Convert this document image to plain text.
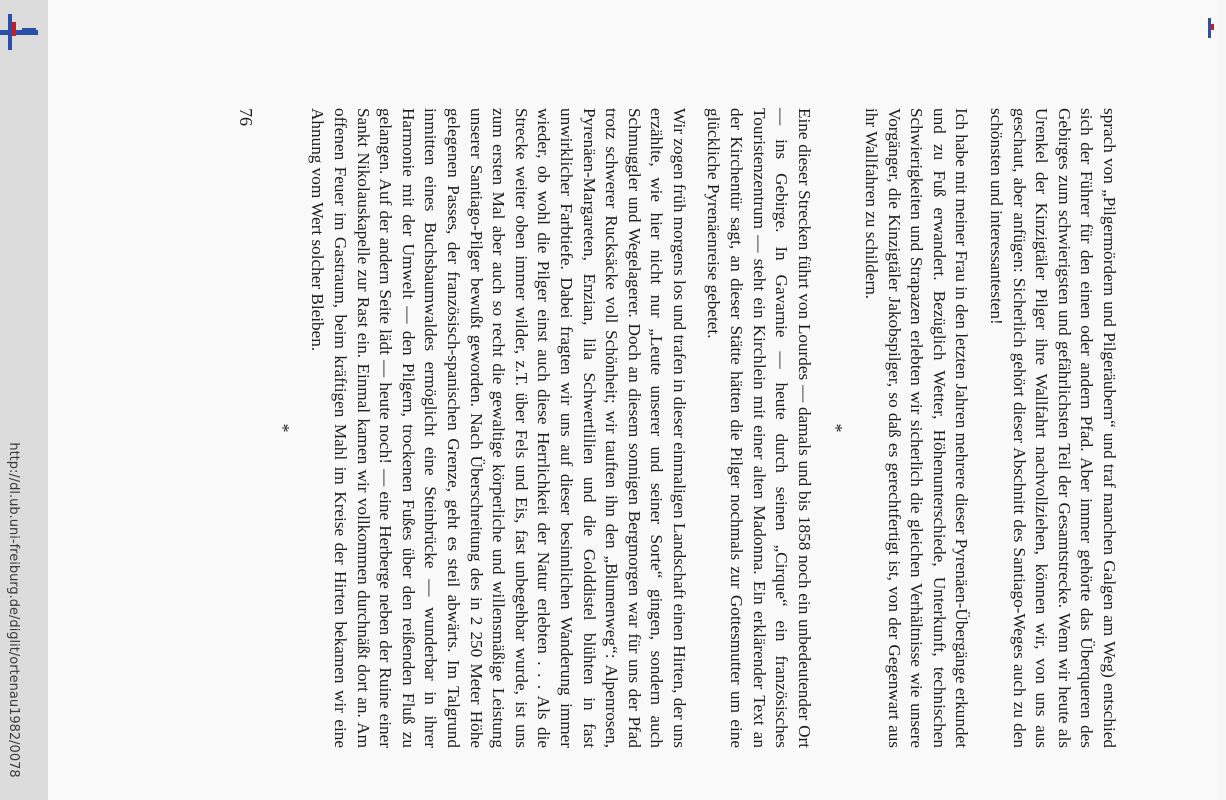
http://dl.ub.uni-freiburg.de/diglit/ortenau1982/0078	sprach von „Pilgermördern und Pilgeräubern“ und traf manchen Galgen am Weg) entschied sich der Führer für den einen oder andern Pfad. Aber immer gehörte das Überqueren des Gebirges zum schwierigsten und gefährlichsten Teil der Gesamtstrecke. Wenn wir heute als Urenkel der Kinzigtäler Pilger ihre Wallfahrt nachvollziehen, können wir, von uns aus geschaut, aber anfügen: Sicherlich gehört dieser Abschnitt des Santiago-Weges auch zu den schönsten und interessantesten!

Ich habe mit meiner Frau in den letzten Jahren mehrere dieser Pyrenäen-Übergänge erkundet und zu Fuß erwandert. Bezüglich Wetter, Höhenunterschiede, Unterkunft, technischen Schwierigkeiten und Strapazen erlebten wir sicherlich die gleichen Verhältnisse wie unsere Vorgänger, die Kinzigtäler Jakobspilger, so daß es gerechtfertigt ist, von der Gegenwart aus ihr Wallfahren zu schildern.

*

Eine dieser Strecken führt von Lourdes — damals und bis 1858 noch ein unbedeutender Ort — ins Gebirge. In Gavarnie — heute durch seinen „Cirque“ ein französisches Touristenzentrum — steht ein Kirchlein mit einer alten Madonna. Ein erklärender Text an der Kirchentür sagt, an dieser Stätte hätten die Pilger nochmals zur Gottesmutter um eine glückliche Pyrenäenreise gebetet.

Wir zogen früh morgens los und trafen in dieser einmaligen Landschaft einen Hirten, der uns erzählte, wie hier nicht nur „Leute unserer und seiner Sorte“ gingen, sondern auch Schmuggler und Wegelagerer. Doch an diesem sonnigen Bergmorgen war für uns der Pfad trotz schwerer Rucksäcke voll Schönheit; wir tauften ihn den „Blumenweg“: Alpenrosen, Pyrenäen-Margareten, Enzian, lila Schwertlilien und die Golddistel blühten in fast unwirklicher Farbtiefe. Dabei fragten wir uns auf dieser besinnlichen Wanderung immer wieder, ob wohl die Pilger einst auch diese Herrlichkeit der Natur erlebten . . . Als die Strecke weiter oben immer wilder, z.T. über Fels und Eis, fast unbegehbar wurde, ist uns zum ersten Mal aber auch so recht die gewaltige körperliche und willensmäßige Leistung unserer Santiago-Pilger bewußt geworden. Nach Überschreitung des in 2 250 Meter Höhe gelegenen Passes, der französisch-spanischen Grenze, geht es steil abwärts. Im Talgrund inmitten eines Buchsbaumwaldes ermöglicht eine Steinbrücke — wunderbar in ihrer Harmonie mit der Umwelt — den Pilgern, trockenen Fußes über den reißenden Fluß zu gelangen. Auf der andern Seite lädt — heute noch! — eine Herberge neben der Ruine einer Sankt Nikolauskapelle zur Rast ein. Einmal kamen wir vollkommen durchnäßt dort an. Am offenen Feuer im Gastraum, beim kräftigen Mahl im Kreise der Hirten bekamen wir eine Ahnung vom Wert solcher Bleiben.

*
76
